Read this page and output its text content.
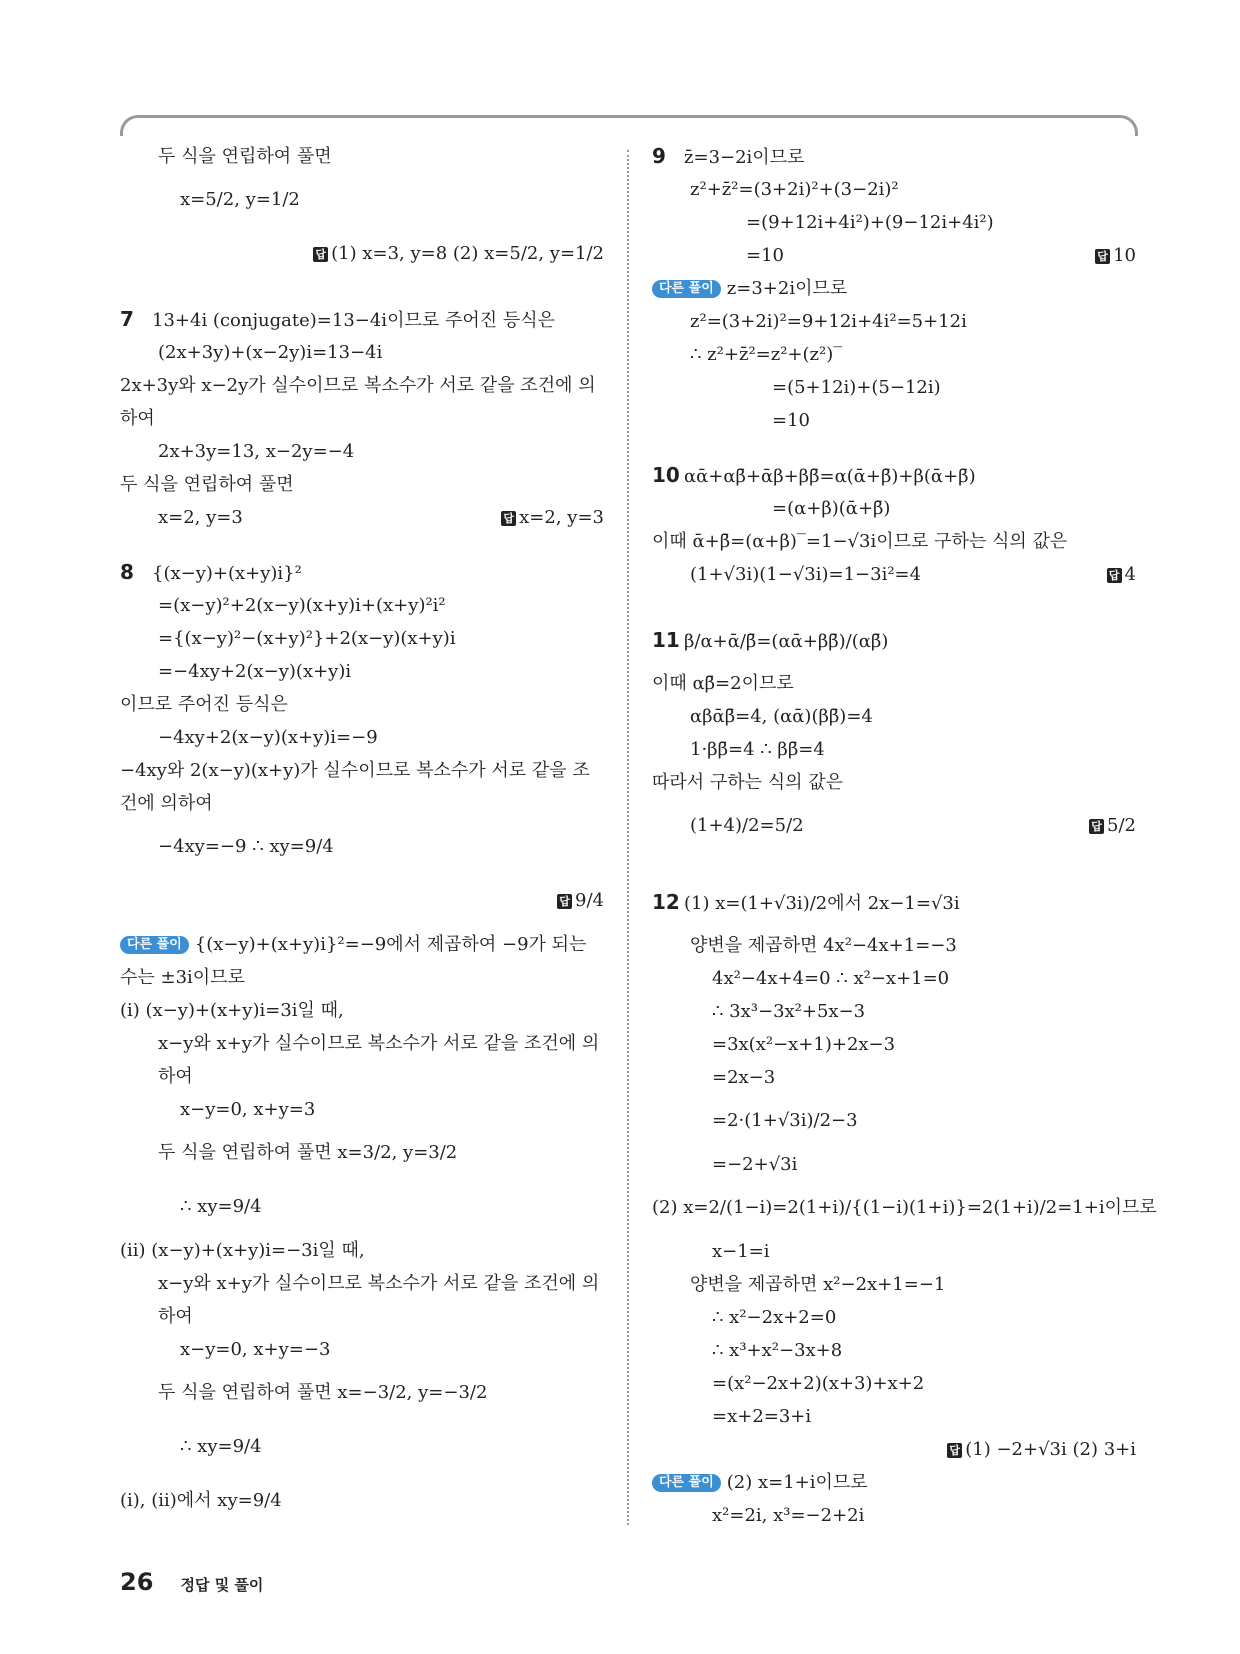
두 식을 연립하여 풀면
x=5/2, y=1/2
답 (1) x=3, y=8 (2) x=5/2, y=1/2
7 13+4i (conjugate)=13−4i이므로 주어진 등식은
(2x+3y)+(x−2y)i=13−4i
2x+3y와 x−2y가 실수이므로 복소수가 서로 같을 조건에 의
하여
2x+3y=13, x−2y=−4
두 식을 연립하여 풀면
x=2, y=3	답 x=2, y=3
8 {(x−y)+(x+y)i}²
=(x−y)²+2(x−y)(x+y)i+(x+y)²i²
={(x−y)²−(x+y)²}+2(x−y)(x+y)i
=−4xy+2(x−y)(x+y)i
이므로 주어진 등식은
−4xy+2(x−y)(x+y)i=−9
−4xy와 2(x−y)(x+y)가 실수이므로 복소수가 서로 같을 조
건에 의하여
−4xy=−9 ∴ xy=9/4
답 9/4
다른 풀이 {(x−y)+(x+y)i}²=−9에서 제곱하여 −9가 되는
수는 ±3i이므로
(i) (x−y)+(x+y)i=3i일 때,
x−y와 x+y가 실수이므로 복소수가 서로 같을 조건에 의
하여
x−y=0, x+y=3
두 식을 연립하여 풀면 x=3/2, y=3/2
∴ xy=9/4
(ii) (x−y)+(x+y)i=−3i일 때,
x−y와 x+y가 실수이므로 복소수가 서로 같을 조건에 의
하여
x−y=0, x+y=−3
두 식을 연립하여 풀면 x=−3/2, y=−3/2
∴ xy=9/4
(i), (ii)에서 xy=9/4
9 z̄=3−2i이므로
z²+z̄²=(3+2i)²+(3−2i)²
=(9+12i+4i²)+(9−12i+4i²)
=10	답 10
다른 풀이 z=3+2i이므로
z²=(3+2i)²=9+12i+4i²=5+12i
∴ z²+z̄²=z²+(z²)‾
=(5+12i)+(5−12i)
=10
10 αᾱ+αβ̄+ᾱβ+ββ̄=α(ᾱ+β̄)+β(ᾱ+β̄)
=(α+β)(ᾱ+β̄)
이때 ᾱ+β̄=(α+β)‾=1−√3i이므로 구하는 식의 값은
(1+√3i)(1−√3i)=1−3i²=4	답 4
11 β/α+ᾱ/β̄=(αᾱ+ββ̄)/(αβ̄)
이때 αβ̄=2이므로
αβᾱβ̄=4, (αᾱ)(ββ̄)=4
1·ββ̄=4 ∴ ββ̄=4
따라서 구하는 식의 값은
(1+4)/2=5/2	답 5/2
12 (1) x=(1+√3i)/2에서 2x−1=√3i
양변을 제곱하면 4x²−4x+1=−3
4x²−4x+4=0 ∴ x²−x+1=0
∴ 3x³−3x²+5x−3
=3x(x²−x+1)+2x−3
=2x−3
=2·(1+√3i)/2−3
=−2+√3i
(2) x=2/(1−i)=2(1+i)/{(1−i)(1+i)}=2(1+i)/2=1+i이므로
x−1=i
양변을 제곱하면 x²−2x+1=−1
∴ x²−2x+2=0
∴ x³+x²−3x+8
=(x²−2x+2)(x+3)+x+2
=x+2=3+i
답 (1) −2+√3i (2) 3+i
다른 풀이 (2) x=1+i이므로
x²=2i, x³=−2+2i
26 정답 및 풀이
